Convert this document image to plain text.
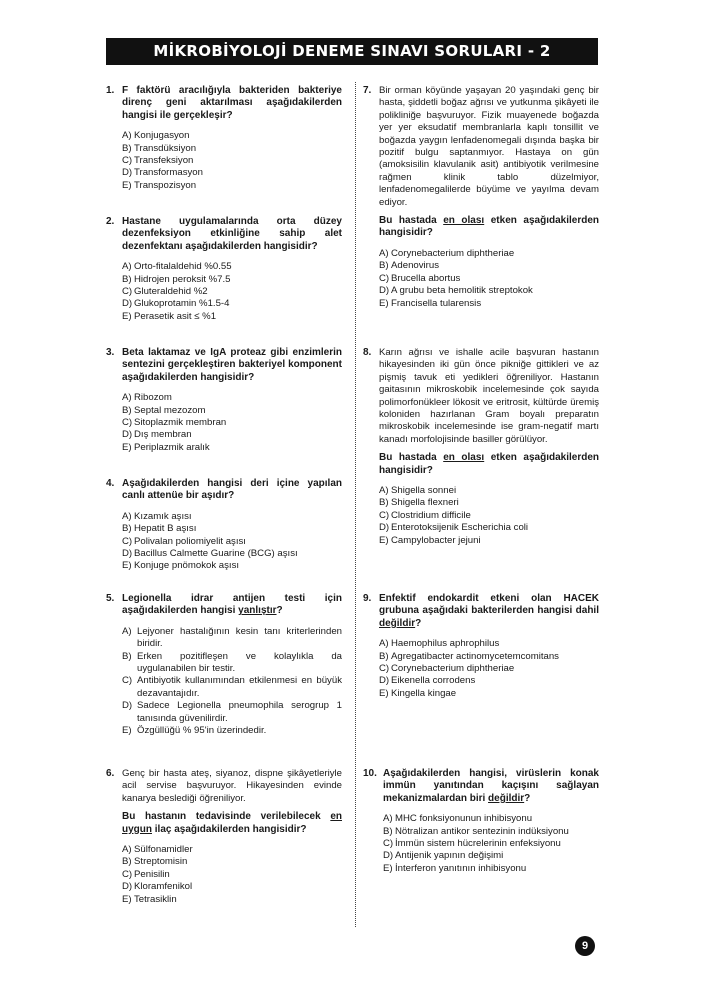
MİKROBİYOLOJİ DENEME SINAVI SORULARI - 2
1. F faktörü aracılığıyla bakteriden bakteriye direnç geni aktarılması aşağıdakilerden hangisi ile gerçekleşir?

A) Konjugasyon
B) Transdüksiyon
C) Transfeksiyon
D) Transformasyon
E) Transpozisyon
2. Hastane uygulamalarında orta düzey dezenfeksiyon etkinliğine sahip alet dezenfektanı aşağıdakilerden hangisidir?

A) Orto-fitalaldehid %0.55
B) Hidrojen peroksit %7.5
C) Gluteraldehid %2
D) Glukoprotamin %1.5-4
E) Perasetik asit ≤ %1
3. Beta laktamaz ve IgA proteaz gibi enzimlerin sentezini gerçekleştiren bakteriyel komponent aşağıdakilerden hangisidir?

A) Ribozom
B) Septal mezozom
C) Sitoplazmik membran
D) Dış membran
E) Periplazmik aralık
4. Aşağıdakilerden hangisi deri içine yapılan canlı attenüe bir aşıdır?

A) Kızamık aşısı
B) Hepatit B aşısı
C) Polivalan poliomiyelit aşısı
D) Bacillus Calmette Guarine (BCG) aşısı
E) Konjuge pnömokok aşısı
5. Legionella idrar antijen testi için aşağıdakilerden hangisi yanlıştır?

A) Lejyoner hastalığının kesin tanı kriterlerinden biridir.
B) Erken pozitifleşen ve kolaylıkla da uygulanabilen bir testir.
C) Antibiyotik kullanımından etkilenmesi en büyük dezavantajıdır.
D) Sadece Legionella pneumophila serogrup 1 tanısında güvenilirdir.
E) Özgüllüğü % 95'in üzerindedir.
6. Genç bir hasta ateş, siyanoz, dispne şikâyetleriyle acil servise başvuruyor. Hikayesinden evinde kanarya beslediği öğreniliyor.

Bu hastanın tedavisinde verilebilecek en uygun ilaç aşağıdakilerden hangisidir?

A) Sülfonamidler
B) Streptomisin
C) Penisilin
D) Kloramfenikol
E) Tetrasiklin
7. Bir orman köyünde yaşayan 20 yaşındaki genç bir hasta, şiddetli boğaz ağrısı ve yutkunma şikâyeti ile polikliniğe başvuruyor. Fizik muayenede boğazda yer yer eksudatif membranlarla kaplı tonsillit ve boğazda yaygın lenfadenomegali dışında başka bir pozitif bulgu saptanmıyor. Hastaya on gün (amoksisilin klavulanik asit) antibiyotik verilmesine rağmen klinik tablo düzelmiyor, lenfadenomegalilerde büyüme ve yayılma devam ediyor.

Bu hastada en olası etken aşağıdakilerden hangisidir?

A) Corynebacterium diphtheriae
B) Adenovirus
C) Brucella abortus
D) A grubu beta hemolitik streptokok
E) Francisella tularensis
8. Karın ağrısı ve ishalle acile başvuran hastanın hikayesinden iki gün önce pikniğe gittikleri ve az pişmiş tavuk eti yedikleri öğreniliyor. Hastanın gaitasının mikroskobik incelemesinde çok sayıda polimorfonükleer lökosit ve eritrosit, kültürde üremiş koloniden hazırlanan Gram boyalı preparatın mikroskobik incelemesinde ise gram-negatif martı kanadı morfolojisinde basiller görülüyor.

Bu hastada en olası etken aşağıdakilerden hangisidir?

A) Shigella sonnei
B) Shigella flexneri
C) Clostridium difficile
D) Enterotoksijenik Escherichia coli
E) Campylobacter jejuni
9. Enfektif endokardit etkeni olan HACEK grubuna aşağıdaki bakterilerden hangisi dahil değildir?

A) Haemophilus aphrophilus
B) Agregatibacter actinomycetemcomitans
C) Corynebacterium diphtheriae
D) Eikenella corrodens
E) Kingella kingae
10. Aşağıdakilerden hangisi, virüslerin konak immün yanıtından kaçışını sağlayan mekanizmalardan biri değildir?

A) MHC fonksiyonunun inhibisyonu
B) Nötralizan antikor sentezinin indüksiyonu
C) İmmün sistem hücrelerinin enfeksiyonu
D) Antijenik yapının değişimi
E) İnterferon yanıtının inhibisyonu
9
